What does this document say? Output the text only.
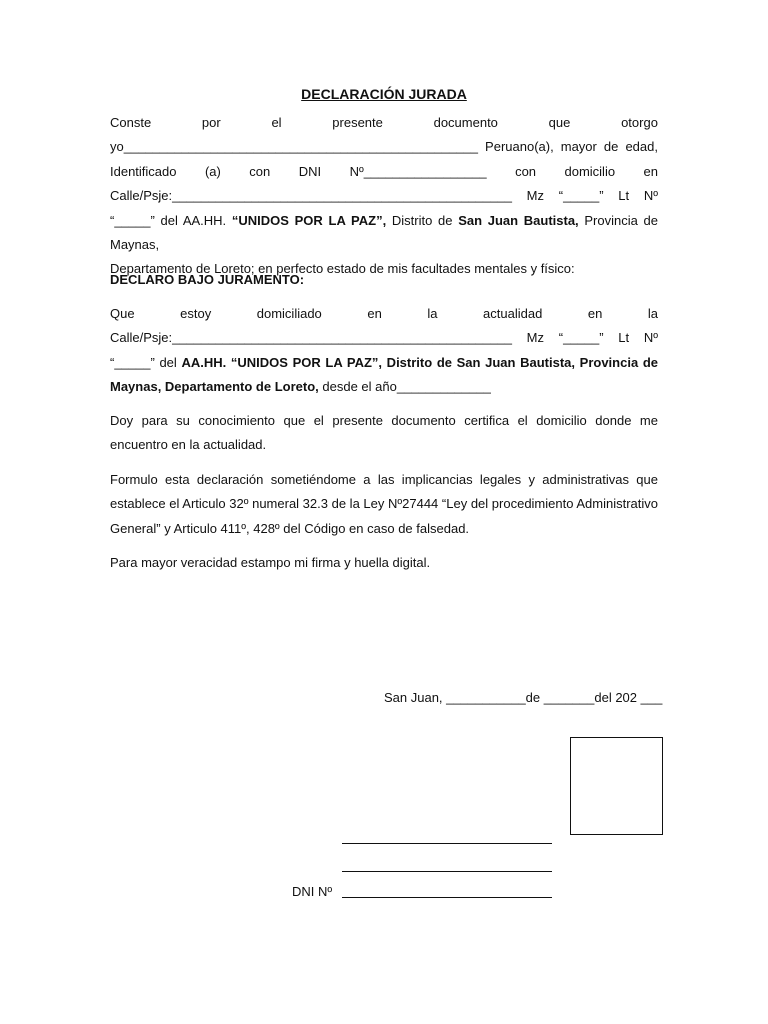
DECLARACIÓN JURADA
Conste	por	el	presente	documento	que	otorgo
yo_________________________________________________ Peruano(a), mayor de edad,
Identificado (a) con DNI Nº_________________ con domicilio en
Calle/Psje:_______________________________________________ Mz “_____” Lt Nº
“_____” del AA.HH. “UNIDOS POR LA PAZ”, Distrito de San Juan Bautista, Provincia de Maynas,
Departamento de Loreto; en perfecto estado de mis facultades mentales y físico:
DECLARO BAJO JURAMENTO:
Que	estoy	domiciliado	en	la	actualidad	en	la
Calle/Psje:_______________________________________________ Mz “_____” Lt Nº
“_____” del AA.HH. “UNIDOS POR LA PAZ”, Distrito de San Juan Bautista, Provincia de
Maynas, Departamento de Loreto, desde el año_____________
Doy para su conocimiento que el presente documento certifica el domicilio donde me encuentro en la actualidad.
Formulo esta declaración sometiéndome a las implicancias legales y administrativas que establece el Articulo 32º numeral 32.3 de la Ley Nº27444 “Ley del procedimiento Administrativo General” y Articulo 411º, 428º del Código en caso de falsedad.
Para mayor veracidad estampo mi firma y huella digital.
San Juan, ___________de _______del 202 ___
DNI Nº
